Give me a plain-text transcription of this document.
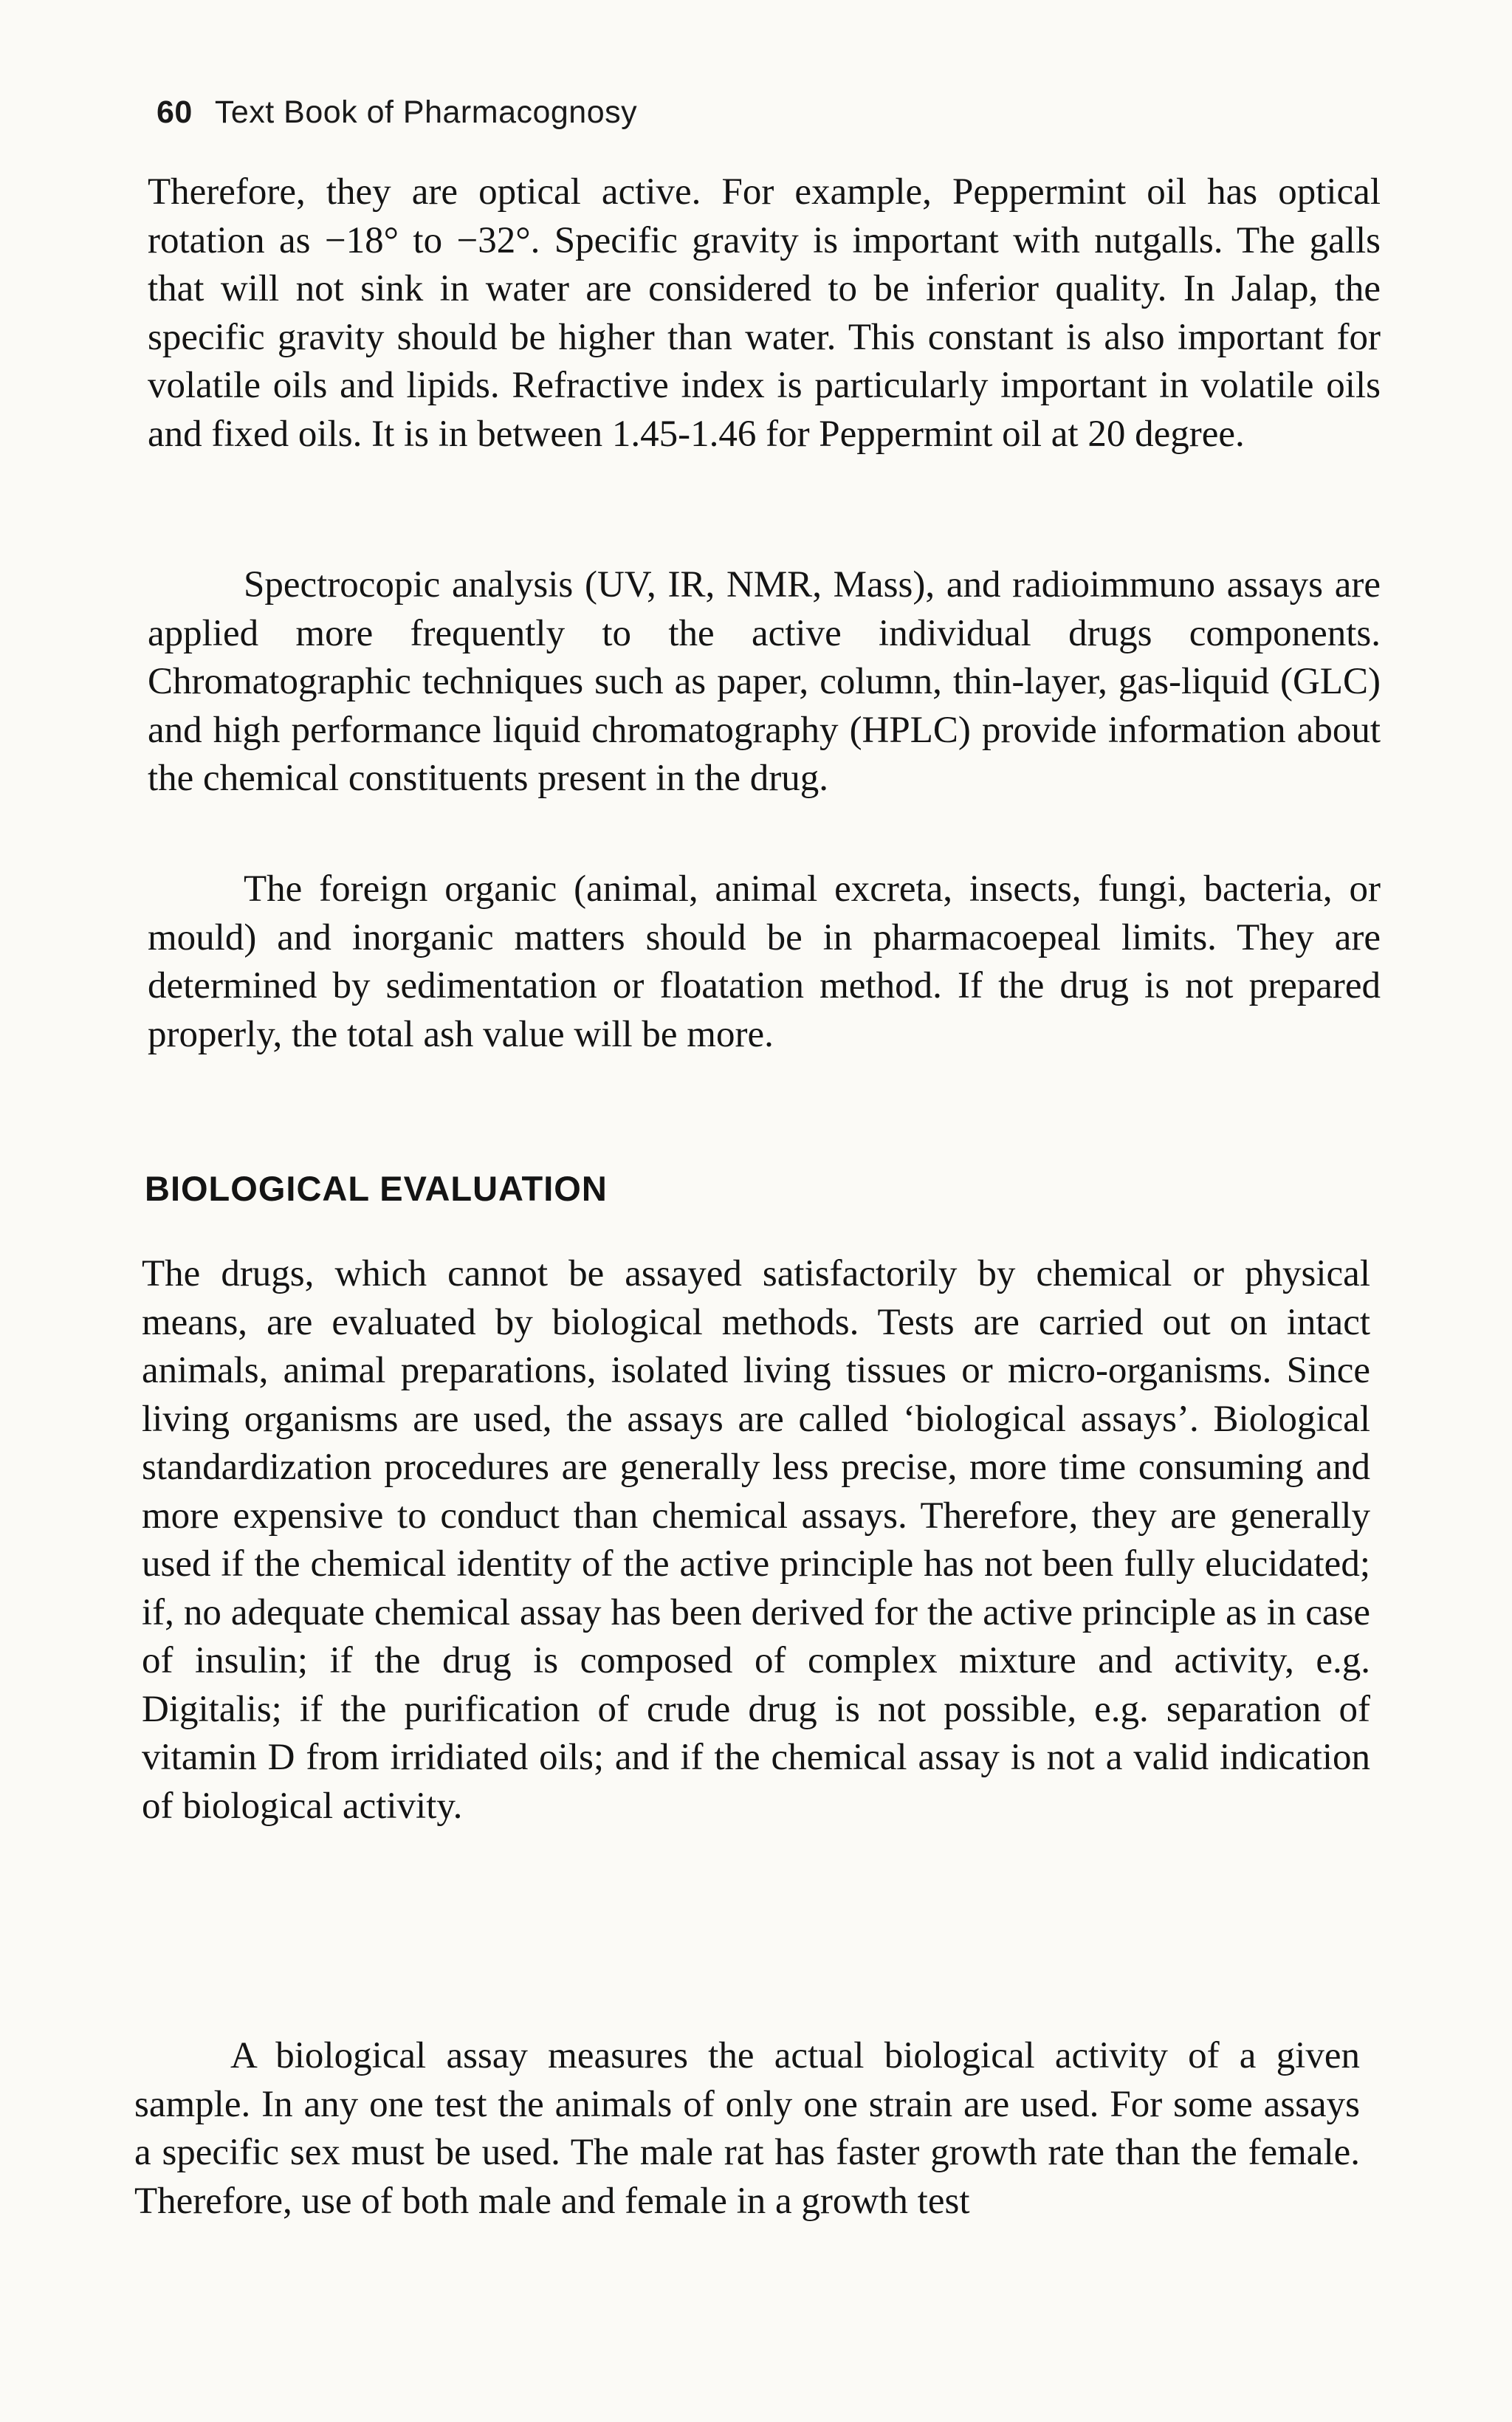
60 Text Book of Pharmacognosy

Therefore, they are optical active. For example, Peppermint oil has optical rotation as −18° to −32°. Specific gravity is important with nutgalls. The galls that will not sink in water are considered to be inferior quality. In Jalap, the specific gravity should be higher than water. This constant is also important for volatile oils and lipids. Refractive index is particularly important in volatile oils and fixed oils. It is in between 1.45-1.46 for Peppermint oil at 20 degree.

Spectrocopic analysis (UV, IR, NMR, Mass), and radioimmuno assays are applied more frequently to the active individual drugs components. Chromatographic techniques such as paper, column, thin-layer, gas-liquid (GLC) and high performance liquid chromatography (HPLC) provide information about the chemical constituents present in the drug.

The foreign organic (animal, animal excreta, insects, fungi, bacteria, or mould) and inorganic matters should be in pharmacoepeal limits. They are determined by sedimentation or floatation method. If the drug is not prepared properly, the total ash value will be more.

BIOLOGICAL EVALUATION

The drugs, which cannot be assayed satisfactorily by chemical or physical means, are evaluated by biological methods. Tests are carried out on intact animals, animal preparations, isolated living tissues or micro-organisms. Since living organisms are used, the assays are called ‘biological assays’. Biological standardization procedures are generally less precise, more time consuming and more expensive to conduct than chemical assays. Therefore, they are generally used if the chemical identity of the active principle has not been fully elucidated; if, no adequate chemical assay has been derived for the active principle as in case of insulin; if the drug is composed of complex mixture and activity, e.g. Digitalis; if the purification of crude drug is not possible, e.g. separation of vitamin D from irridiated oils; and if the chemical assay is not a valid indication of biological activity.

A biological assay measures the actual biological activity of a given sample. In any one test the animals of only one strain are used. For some assays a specific sex must be used. The male rat has faster growth rate than the female. Therefore, use of both male and female in a growth test
